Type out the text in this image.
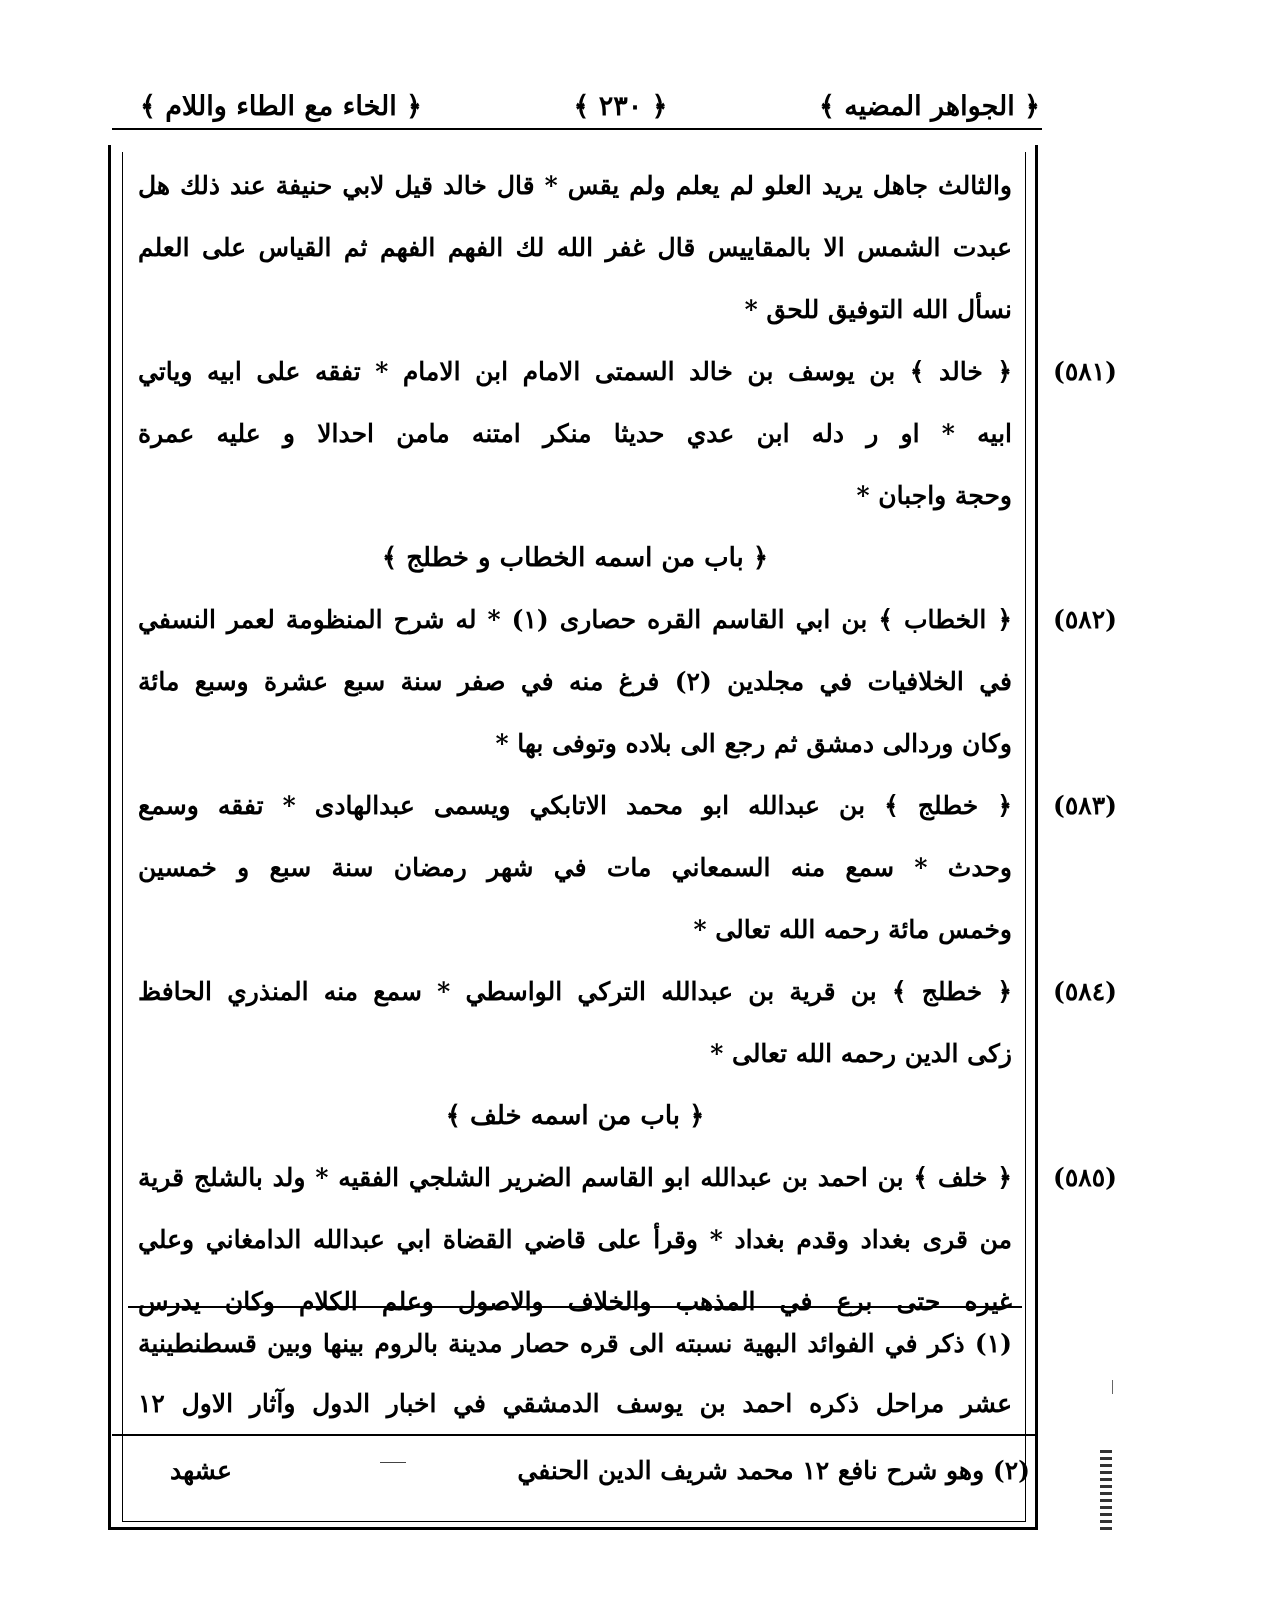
﴿ الجواهر المضيه ﴾
﴿ ٢٣٠ ﴾
﴿ الخاء مع الطاء واللام ﴾
والثالث جاهل يريد العلو لم يعلم ولم يقس * قال خالد قيل لابي حنيفة عند ذلك هل
عبدت الشمس الا بالمقاييس قال غفر الله لك الفهم الفهم ثم القياس على العلم
نسأل الله التوفيق للحق *
﴿ خالد ﴾ بن يوسف بن خالد السمتى الامام ابن الامام * تفقه على ابيه وياتي
ابيه * او ر دله ابن عدي حديثا منكر امتنه مامن احدالا و عليه عمرة
وحجة واجبان *
﴿ باب من اسمه الخطاب و خطلج ﴾
﴿ الخطاب ﴾ بن ابي القاسم القره حصارى (١) * له شرح المنظومة لعمر النسفي
في الخلافيات في مجلدين (٢) فرغ منه في صفر سنة سبع عشرة وسبع مائة
وكان وردالى دمشق ثم رجع الى بلاده وتوفى بها *
﴿ خطلج ﴾ بن عبدالله ابو محمد الاتابكي ويسمى عبدالهادى * تفقه وسمع
وحدث * سمع منه السمعاني مات في شهر رمضان سنة سبع و خمسين
وخمس مائة رحمه الله تعالى *
﴿ خطلج ﴾ بن قرية بن عبدالله التركي الواسطي * سمع منه المنذري الحافظ
زكى الدين رحمه الله تعالى *
﴿ باب من اسمه خلف ﴾
﴿ خلف ﴾ بن احمد بن عبدالله ابو القاسم الضرير الشلجي الفقيه * ولد بالشلج قرية
من قرى بغداد وقدم بغداد * وقرأ على قاضي القضاة ابي عبدالله الدامغاني وعلي
غيره حتى برع في المذهب والخلاف والاصول وعلم الكلام وكان يدرس
(٥٨١)
(٥٨٢)
(٥٨٣)
(٥٨٤)
(٥٨٥)
(١) ذكر في الفوائد البهية نسبته الى قره حصار مدينة بالروم بينها وبين قسطنطينية
عشر مراحل ذكره احمد بن يوسف الدمشقي في اخبار الدول وآثار الاول ١٢
(٢) وهو شرح نافع ١٢ محمد شريف الدين الحنفي
عشهد
